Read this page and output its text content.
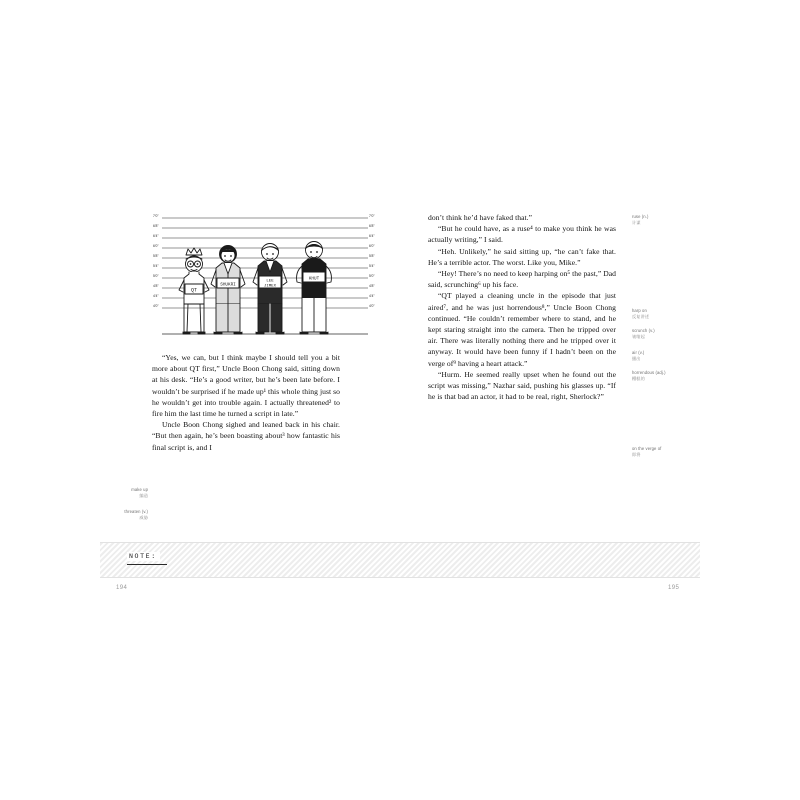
7'0"
6'8"
6'4"
6'0"
5'8"
5'4"
5'0"
4'8"
4'4"
4'0"
7'0"
6'8"
6'4"
6'0"
5'8"
5'4"
5'0"
4'8"
4'4"
4'0"
QT
SHUKRI
LEE
JIMEX
KHUT

“Yes, we can, but I think maybe I should tell you a bit more about QT first,” Uncle Boon Chong said, sitting down at his desk. “He’s a good writer, but he’s been late before. I wouldn’t be surprised if he made up¹ this whole thing just so he wouldn’t get into trouble again. I actually threatened² to fire him the last time he turned a script in late.”

Uncle Boon Chong sighed and leaned back in his chair. “But then again, he’s been boasting about³ how fantastic his final script is, and I

make up
编造
threaten (v.)
威胁

don’t think he’d have faked that.”

“But he could have, as a ruse⁴ to make you think he was actually writing,” I said.

“Heh. Unlikely,” he said sitting up, “he can’t fake that. He’s a terrible actor. The worst. Like you, Mike.”

“Hey! There’s no need to keep harping on⁵ the past,” Dad said, scrunching⁶ up his face.

“QT played a cleaning uncle in the episode that just aired⁷, and he was just horrendous⁸,” Uncle Boon Chong continued. “He couldn’t remember where to stand, and he kept staring straight into the camera. Then he tripped over air. There was literally nothing there and he tripped over it anyway. It would have been funny if I hadn’t been on the verge of⁹ having a heart attack.”

“Hurm. He seemed really upset when he found out the script was missing,” Nazhar said, pushing his glasses up. “If he is that bad an actor, it had to be real, right, Sherlock?”

ruse (n.)
计谋
harp on
反复讲述
scrunch (v.)
皱缩起
air (v.)
播出
horrendous (adj.)
糟糕的
on the verge of
即将
NOTE:
194	195
